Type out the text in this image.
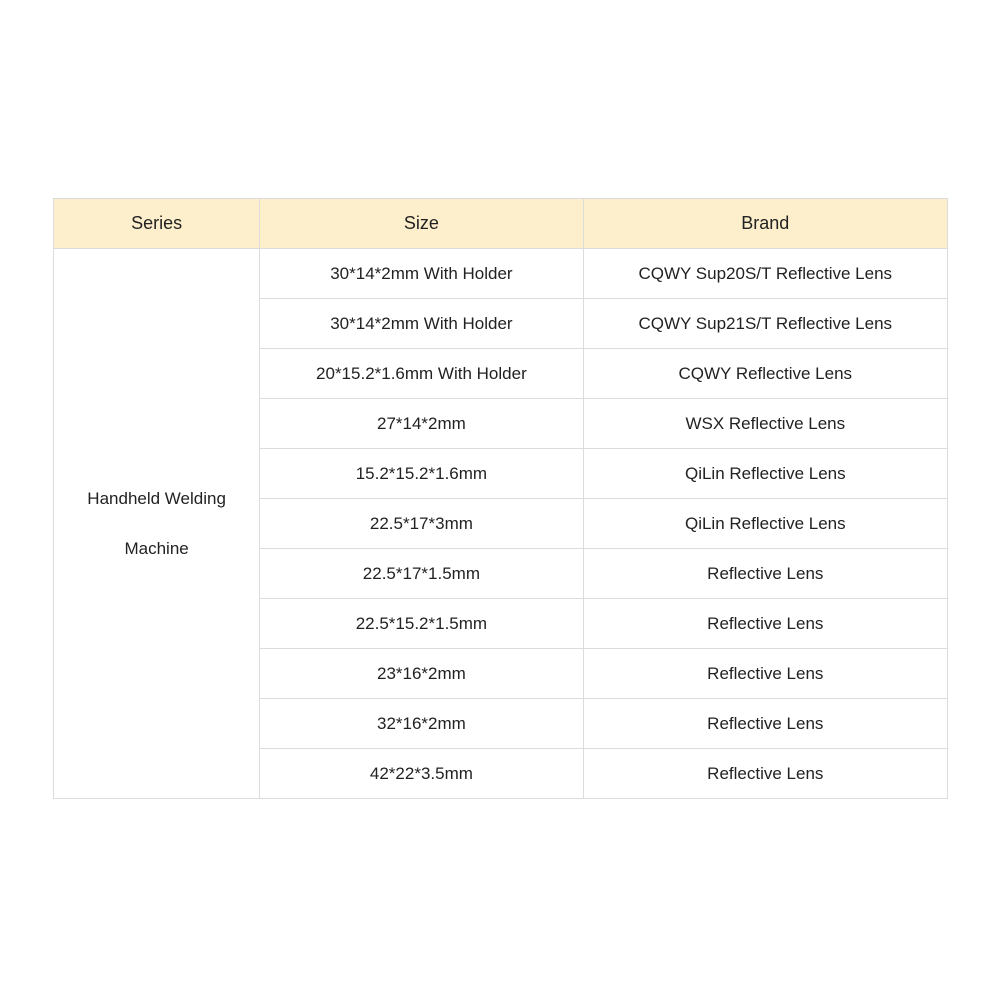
Series	Size	Brand

Handheld Welding
Machine	30*14*2mm With Holder	CQWY Sup20S/T Reflective Lens
	30*14*2mm With Holder	CQWY Sup21S/T Reflective Lens
	20*15.2*1.6mm With Holder	CQWY Reflective Lens
	27*14*2mm	WSX Reflective Lens
	15.2*15.2*1.6mm	QiLin Reflective Lens
	22.5*17*3mm	QiLin Reflective Lens
	22.5*17*1.5mm	Reflective Lens
	22.5*15.2*1.5mm	Reflective Lens
	23*16*2mm	Reflective Lens
	32*16*2mm	Reflective Lens
	42*22*3.5mm	Reflective Lens
